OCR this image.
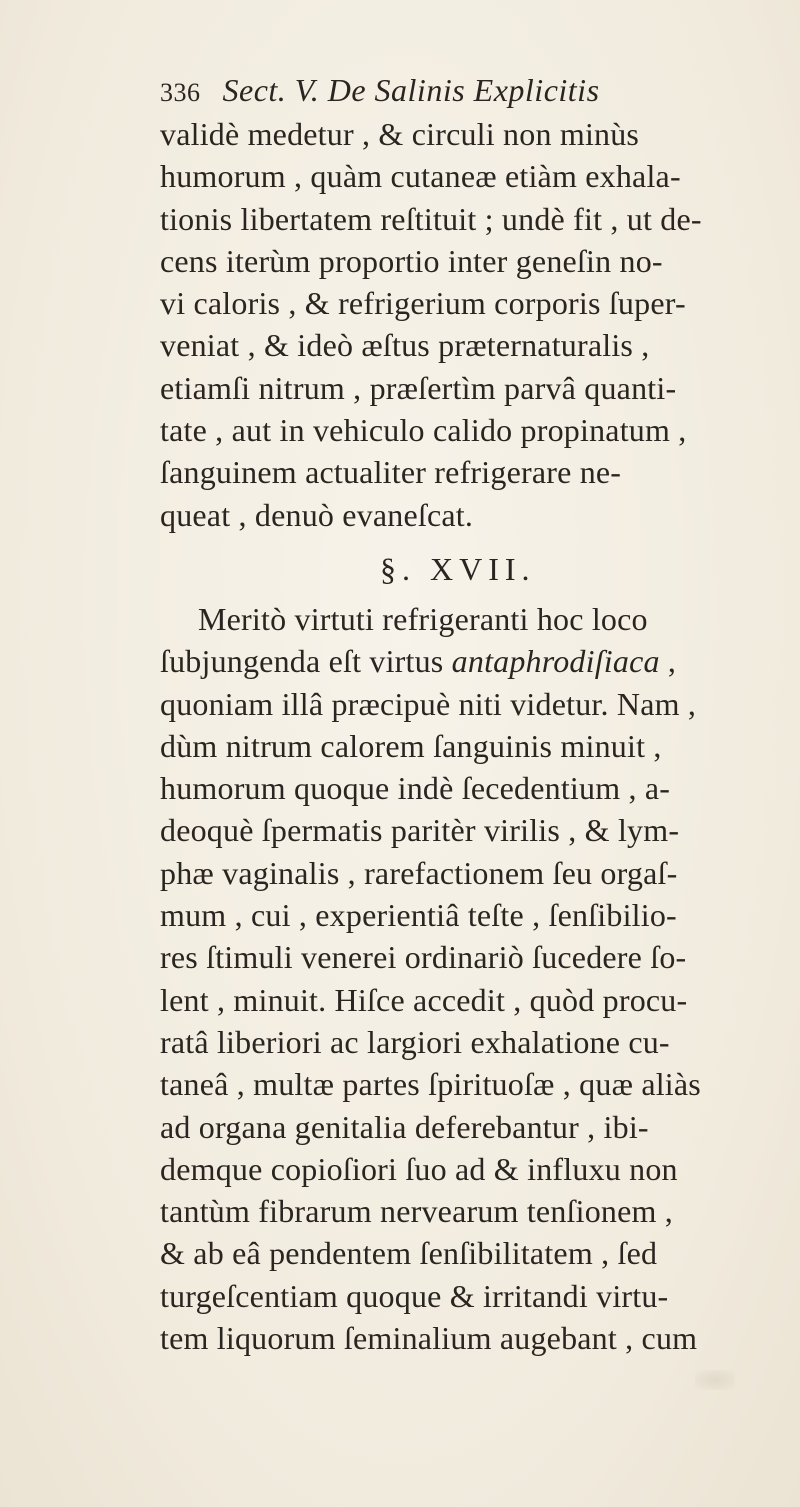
336 Sect. V. De Salinis Explicitis
validè medetur , & circuli non minùs
humorum , quàm cutaneæ etiàm exhala-
tionis libertatem reſtituit ; undè fit , ut de-
cens iterùm proportio inter geneſin no-
vi caloris , & refrigerium corporis ſuper-
veniat , & ideò æſtus præternaturalis ,
etiamſi nitrum , præſertìm parvâ quanti-
tate , aut in vehiculo calido propinatum ,
ſanguinem actualiter refrigerare ne-
queat , denuò evaneſcat.
§. XVII.
Meritò virtuti refrigeranti hoc loco
ſubjungenda eſt virtus antaphrodiſiaca ,
quoniam illâ præcipuè niti videtur. Nam ,
dùm nitrum calorem ſanguinis minuit ,
humorum quoque indè ſecedentium , a-
deoquè ſpermatis paritèr virilis , & lym-
phæ vaginalis , rarefactionem ſeu orgaſ-
mum , cui , experientiâ teſte , ſenſibilio-
res ſtimuli venerei ordinariò ſucedere ſo-
lent , minuit. Hiſce accedit , quòd procu-
ratâ liberiori ac largiori exhalatione cu-
taneâ , multæ partes ſpirituoſæ , quæ aliàs
ad organa genitalia deferebantur , ibi-
demque copioſiori ſuo ad & influxu non
tantùm fibrarum nervearum tenſionem ,
& ab eâ pendentem ſenſibilitatem , ſed
turgeſcentiam quoque & irritandi virtu-
tem liquorum ſeminalium augebant , cum
